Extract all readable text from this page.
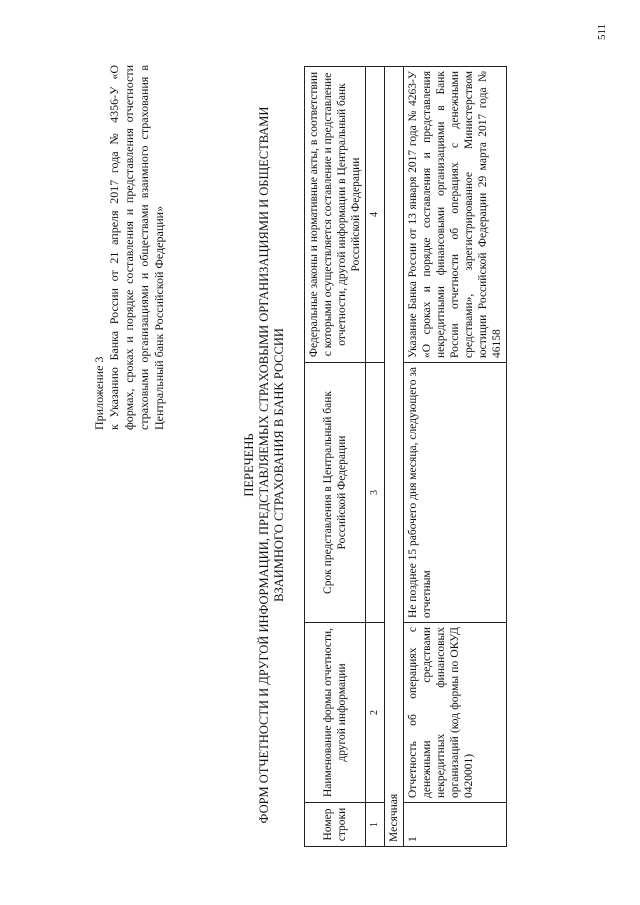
511
Приложение 3 к Указанию Банка России от 21 апреля 2017 года № 4356-У «О формах, сроках и порядке составления и представления отчетности страховыми организациями и обществами взаимного страхования в Центральный банк Российской Федерации»
ПЕРЕЧЕНЬ ФОРМ ОТЧЕТНОСТИ И ДРУГОЙ ИНФОРМАЦИИ, ПРЕДСТАВЛЯЕМЫХ СТРАХОВЫМИ ОРГАНИЗАЦИЯМИ И ОБЩЕСТВАМИ ВЗАИМНОГО СТРАХОВАНИЯ В БАНК РОССИИ
Номер строки	Наименование формы отчетности, другой информации	Срок представления в Центральный банк Российской Федерации	Федеральные законы и нормативные акты, в соответствии с которыми осуществляется составление и представление отчетности, другой информации в Центральный банк Российской Федерации
1	2	3	4
Месячная			
1	Отчетность об операциях с денежными средствами некредитных финансовых организаций (код формы по ОКУД 0420001)	Не позднее 15 рабочего дня месяца, следующего за отчетным	Указание Банка России от 13 января 2017 года № 4263-У «О сроках и порядке составления и представления некредитными финансовыми организациями в Банк России отчетности об операциях с денежными средствами», зарегистрированное Министерством юстиции Российской Федерации 29 марта 2017 года № 46158
